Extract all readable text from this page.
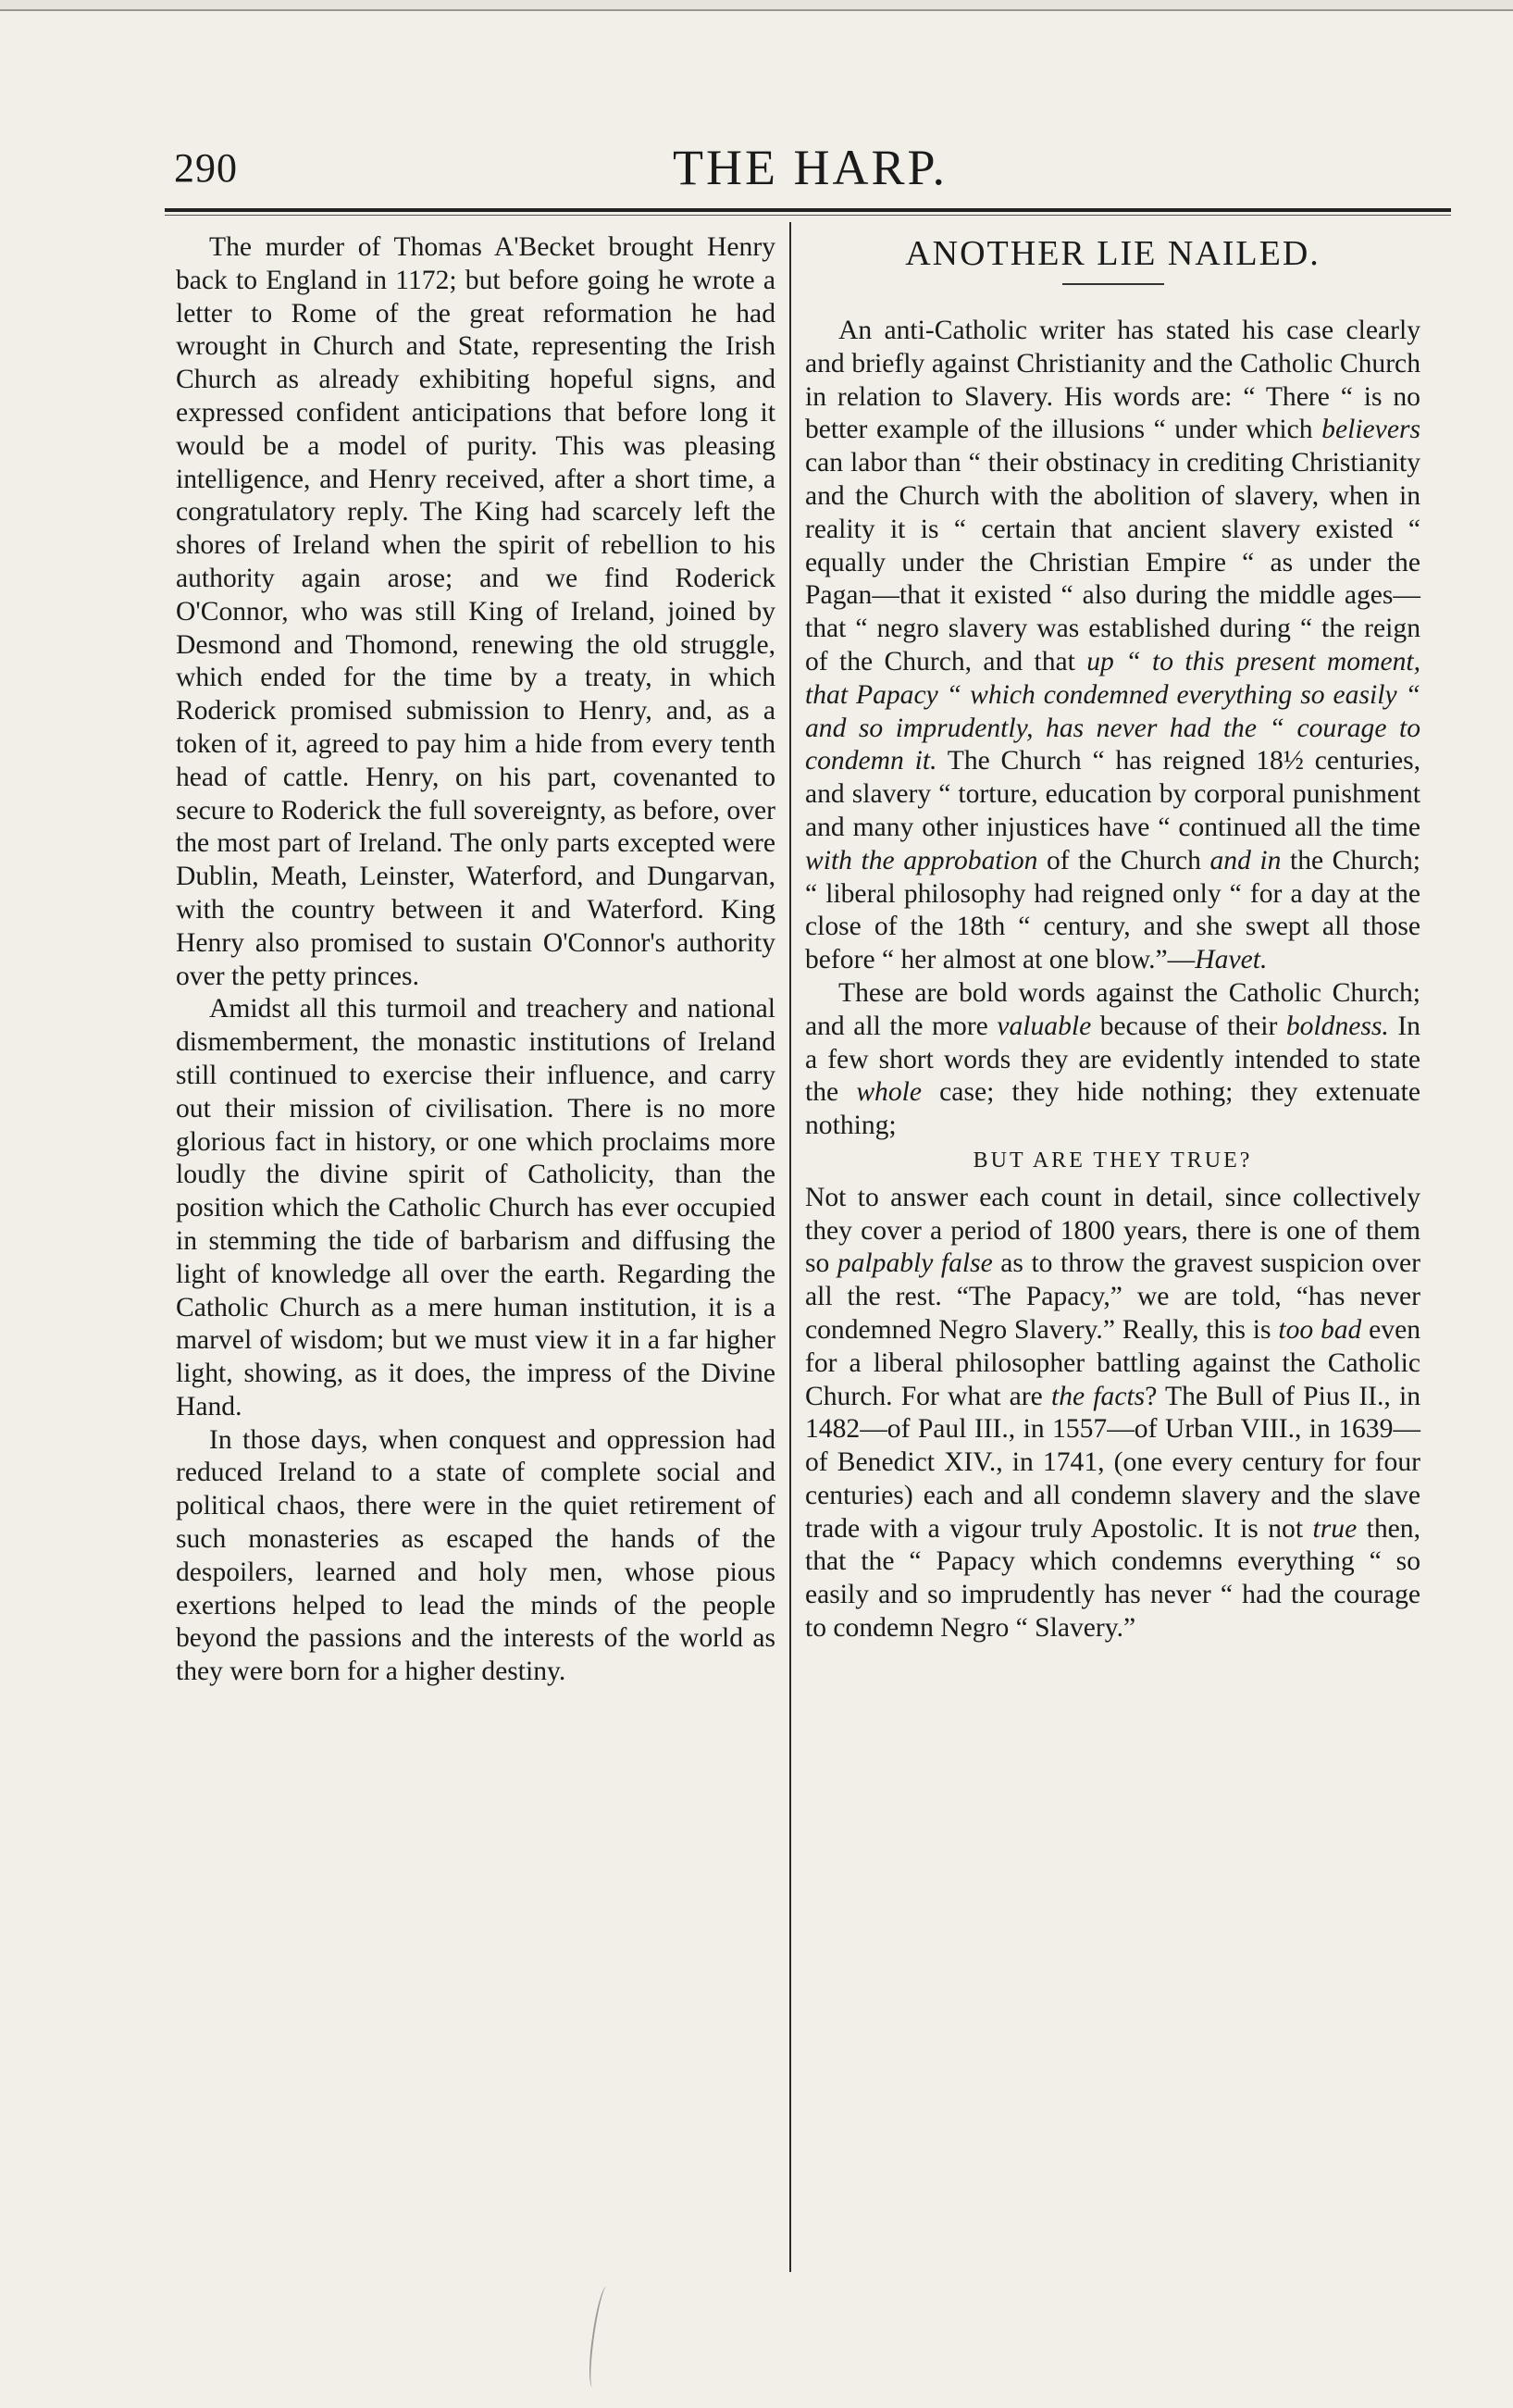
290	THE HARP.

The murder of Thomas A'Becket brought Henry back to England in 1172; but before going he wrote a letter to Rome of the great reformation he had wrought in Church and State, representing the Irish Church as already exhibiting hopeful signs, and expressed confident anticipations that before long it would be a model of purity. This was pleasing intelligence, and Henry received, after a short time, a congratulatory reply. The King had scarcely left the shores of Ireland when the spirit of rebellion to his authority again arose; and we find Roderick O'Connor, who was still King of Ireland, joined by Desmond and Thomond, renewing the old struggle, which ended for the time by a treaty, in which Roderick promised submission to Henry, and, as a token of it, agreed to pay him a hide from every tenth head of cattle. Henry, on his part, covenanted to secure to Roderick the full sovereignty, as before, over the most part of Ireland. The only parts excepted were Dublin, Meath, Leinster, Waterford, and Dungarvan, with the country between it and Waterford. King Henry also promised to sustain O'Connor's authority over the petty princes.

Amidst all this turmoil and treachery and national dismemberment, the monastic institutions of Ireland still continued to exercise their influence, and carry out their mission of civilisation. There is no more glorious fact in history, or one which proclaims more loudly the divine spirit of Catholicity, than the position which the Catholic Church has ever occupied in stemming the tide of barbarism and diffusing the light of knowledge all over the earth. Regarding the Catholic Church as a mere human institution, it is a marvel of wisdom; but we must view it in a far higher light, showing, as it does, the impress of the Divine Hand.

In those days, when conquest and oppression had reduced Ireland to a state of complete social and political chaos, there were in the quiet retirement of such monasteries as escaped the hands of the despoilers, learned and holy men, whose pious exertions helped to lead the minds of the people beyond the passions and the interests of the world as they were born for a higher destiny.

ANOTHER LIE NAILED.

An anti-Catholic writer has stated his case clearly and briefly against Christianity and the Catholic Church in relation to Slavery. His words are: “ There “ is no better example of the illusions “ under which believers can labor than “ their obstinacy in crediting Christianity and the Church with the abolition of slavery, when in reality it is “ certain that ancient slavery existed “ equally under the Christian Empire “ as under the Pagan—that it existed “ also during the middle ages—that “ negro slavery was established during “ the reign of the Church, and that up “ to this present moment, that Papacy “ which condemned everything so easily “ and so imprudently, has never had the “ courage to condemn it. The Church “ has reigned 18½ centuries, and slavery “ torture, education by corporal punishment and many other injustices have “ continued all the time with the approbation of the Church and in the Church; “ liberal philosophy had reigned only “ for a day at the close of the 18th “ century, and she swept all those before “ her almost at one blow.”—Havet.

These are bold words against the Catholic Church; and all the more valuable because of their boldness. In a few short words they are evidently intended to state the whole case; they hide nothing; they extenuate nothing;

BUT ARE THEY TRUE?

Not to answer each count in detail, since collectively they cover a period of 1800 years, there is one of them so palpably false as to throw the gravest suspicion over all the rest. “The Papacy,” we are told, “has never condemned Negro Slavery.” Really, this is too bad even for a liberal philosopher battling against the Catholic Church. For what are the facts? The Bull of Pius II., in 1482—of Paul III., in 1557—of Urban VIII., in 1639—of Benedict XIV., in 1741, (one every century for four centuries) each and all condemn slavery and the slave trade with a vigour truly Apostolic. It is not true then, that the “ Papacy which condemns everything “ so easily and so imprudently has never “ had the courage to condemn Negro “ Slavery.”
